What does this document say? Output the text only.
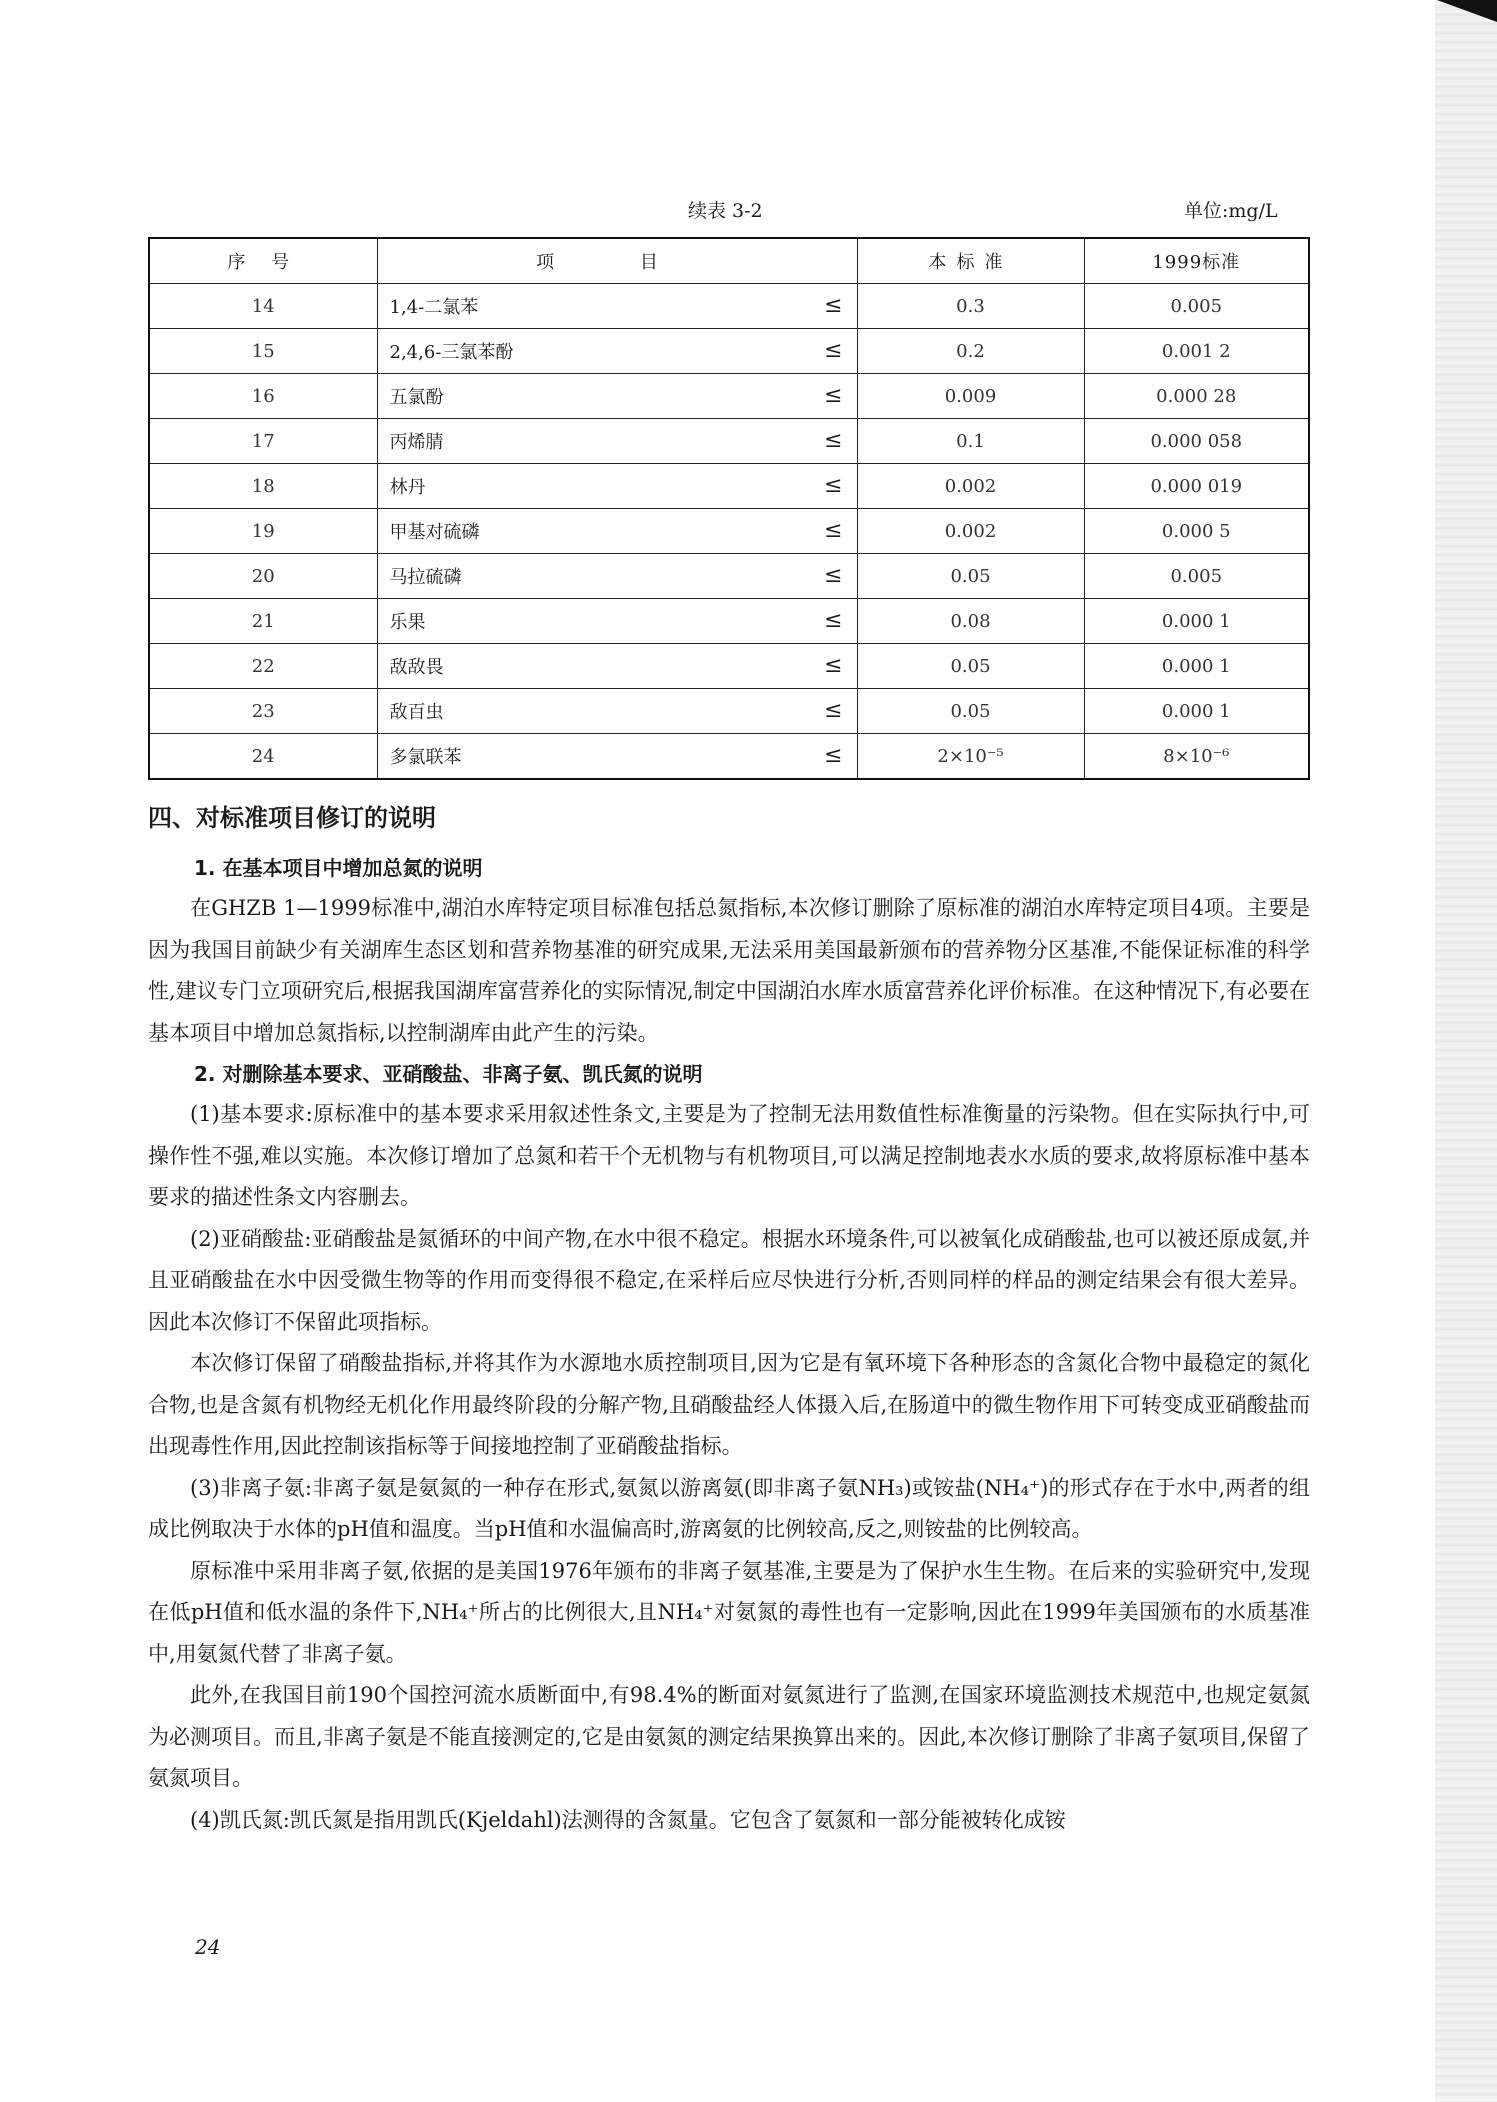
续表 3-2	单位:mg/L
序 号	项 目	本标准	1999标准
14	1,4-二氯苯 ≤	0.3	0.005
15	2,4,6-三氯苯酚 ≤	0.2	0.001 2
16	五氯酚 ≤	0.009	0.000 28
17	丙烯腈 ≤	0.1	0.000 058
18	林丹 ≤	0.002	0.000 019
19	甲基对硫磷 ≤	0.002	0.000 5
20	马拉硫磷 ≤	0.05	0.005
21	乐果 ≤	0.08	0.000 1
22	敌敌畏 ≤	0.05	0.000 1
23	敌百虫 ≤	0.05	0.000 1
24	多氯联苯 ≤	2×10⁻⁵	8×10⁻⁶
四、对标准项目修订的说明
1. 在基本项目中增加总氮的说明

在GHZB 1—1999标准中,湖泊水库特定项目标准包括总氮指标,本次修订删除了原标准的湖泊水库特定项目4项。主要是因为我国目前缺少有关湖库生态区划和营养物基准的研究成果,无法采用美国最新颁布的营养物分区基准,不能保证标准的科学性,建议专门立项研究后,根据我国湖库富营养化的实际情况,制定中国湖泊水库水质富营养化评价标准。在这种情况下,有必要在基本项目中增加总氮指标,以控制湖库由此产生的污染。

2. 对删除基本要求、亚硝酸盐、非离子氨、凯氏氮的说明

(1)基本要求:原标准中的基本要求采用叙述性条文,主要是为了控制无法用数值性标准衡量的污染物。但在实际执行中,可操作性不强,难以实施。本次修订增加了总氮和若干个无机物与有机物项目,可以满足控制地表水水质的要求,故将原标准中基本要求的描述性条文内容删去。

(2)亚硝酸盐:亚硝酸盐是氮循环的中间产物,在水中很不稳定。根据水环境条件,可以被氧化成硝酸盐,也可以被还原成氨,并且亚硝酸盐在水中因受微生物等的作用而变得很不稳定,在采样后应尽快进行分析,否则同样的样品的测定结果会有很大差异。因此本次修订不保留此项指标。

本次修订保留了硝酸盐指标,并将其作为水源地水质控制项目,因为它是有氧环境下各种形态的含氮化合物中最稳定的氮化合物,也是含氮有机物经无机化作用最终阶段的分解产物,且硝酸盐经人体摄入后,在肠道中的微生物作用下可转变成亚硝酸盐而出现毒性作用,因此控制该指标等于间接地控制了亚硝酸盐指标。

(3)非离子氨:非离子氨是氨氮的一种存在形式,氨氮以游离氨(即非离子氨NH₃)或铵盐(NH₄⁺)的形式存在于水中,两者的组成比例取决于水体的pH值和温度。当pH值和水温偏高时,游离氨的比例较高,反之,则铵盐的比例较高。

原标准中采用非离子氨,依据的是美国1976年颁布的非离子氨基准,主要是为了保护水生生物。在后来的实验研究中,发现在低pH值和低水温的条件下,NH₄⁺所占的比例很大,且NH₄⁺对氨氮的毒性也有一定影响,因此在1999年美国颁布的水质基准中,用氨氮代替了非离子氨。

此外,在我国目前190个国控河流水质断面中,有98.4%的断面对氨氮进行了监测,在国家环境监测技术规范中,也规定氨氮为必测项目。而且,非离子氨是不能直接测定的,它是由氨氮的测定结果换算出来的。因此,本次修订删除了非离子氨项目,保留了氨氮项目。

(4)凯氏氮:凯氏氮是指用凯氏(Kjeldahl)法测得的含氮量。它包含了氨氮和一部分能被转化成铵

24
